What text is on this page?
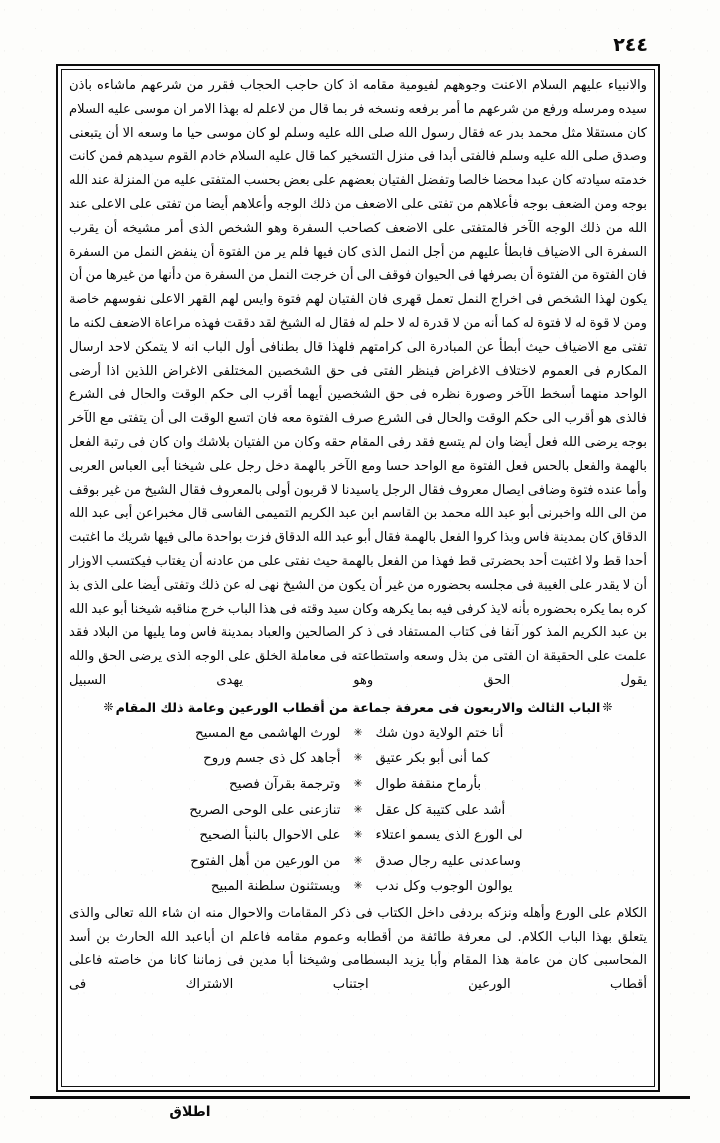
٢٤٤

والانبياء عليهم السلام الاعنت وجوههم لفيومية مقامه اذ كان حاجب الحجاب فقرر من شرعهم ماشاءه باذن سيده ومرسله ورفع من شرعهم ما أمر برفعه ونسخه فر بما قال من لاعلم له بهذا الامر ان موسى عليه السلام كان مستقلا مثل محمد بدر عه فقال رسول الله صلى الله عليه وسلم لو كان موسى حيا ما وسعه الا أن يتبعنى وصدق صلى الله عليه وسلم فالفتى أبدا فى منزل التسخير كما قال عليه السلام خادم القوم سيدهم فمن كانت خدمته سيادته كان عبدا محضا خالصا وتفضل الفتيان بعضهم على بعض بحسب المتفتى عليه من المنزلة عند الله بوجه ومن الضعف بوجه فأعلاهم من تفتى على الاضعف من ذلك الوجه وأعلاهم أيضا من تفتى على الاعلى عند الله من ذلك الوجه الآخر فالمتفتى على الاضعف كصاحب السفرة وهو الشخص الذى أمر مشيخه أن يقرب السفرة الى الاضياف فابطأ عليهم من أجل النمل الذى كان فيها فلم ير من الفتوة أن ينفض النمل من السفرة فان الفتوة من الفتوة أن بصرفها فى الحيوان فوقف الى أن خرجت النمل من السفرة من دأنها من غيرها من أن يكون لهذا الشخص فى اخراج النمل تعمل قهرى فان الفتيان لهم فتوة وايس لهم القهر الاعلى نفوسهم خاصة ومن لا قوة له لا فتوة له كما أنه من لا قدرة له لا حلم له فقال له الشيخ لقد دققت فهذه مراعاة الاضعف لكنه ما تفتى مع الاضياف حيث أبطأ عن المبادرة الى كرامتهم فلهذا قال بطنافى أول الباب انه لا يتمكن لاحد ارسال المكارم فى العموم لاختلاف الاغراض فينظر الفتى فى حق الشخصين المختلفى الاغراض اللذين اذا أرضى الواحد منهما أسخط الآخر وصورة نظره فى حق الشخصين أيهما أقرب الى حكم الوقت والحال فى الشرع فالذى هو أقرب الى حكم الوقت والحال فى الشرع صرف الفتوة معه فان اتسع الوقت الى أن يتفتى مع الآخر بوجه يرضى الله فعل أيضا وان لم يتسع فقد رفى المقام حقه وكان من الفتيان بلاشك وان كان فى رتبة الفعل بالهمة والفعل بالحس فعل الفتوة مع الواحد حسا ومع الآخر بالهمة دخل رجل على شيخنا أبى العباس العربى وأما عنده فتوة وضافى ايصال معروف فقال الرجل ياسيدنا لا قربون أولى بالمعروف فقال الشيخ من غير بوقف من الى الله واخبرنى أبو عبد الله محمد بن القاسم ابن عبد الكريم التميمى الفاسى قال مخبراعن أبى عبد الله الدقاق كان بمدينة فاس وبذا كروا الفعل بالهمة فقال أبو عبد الله الدقاق فزت بواحدة مالى فيها شريك ما اغتبت أحدا قط ولا اغتبت أحد بحضرتى قط فهذا من الفعل بالهمة حيث نفتى على من عادنه أن يغتاب فيكتسب الاوزار أن لا يقدر على الغيبة فى مجلسه بحضوره من غير أن يكون من الشيخ نهى له عن ذلك وتفتى أيضا على الذى بذ كره بما يكره بحضوره بأنه لايذ كرفى فيه بما يكرهه وكان سيد وقته فى هذا الباب خرج مناقبه شيخنا أبو عبد الله بن عبد الكريم المذ كور آنفا فى كتاب المستفاد فى ذ كر الصالحين والعباد بمدينة فاس وما يليها من البلاد فقد علمت على الحقيقة ان الفتى من بذل وسعه واستطاعته فى معاملة الخلق على الوجه الذى يرضى الحق والله يقول الحق وهو يهدى السبيل

❊الباب الثالث والاربعون فى معرفة جماعة من أقطاب الورعين وعامة ذلك المقام❊
أنا ختم الولاية دون شك
✳
لورث الهاشمى مع المسيح
كما أنى أبو بكر عتيق
✳
أجاهد كل ذى جسم وروح
بأرماح منقفة طوال
✳
وترجمة بقرآن فصيح
أشد على كتيبة كل عقل
✳
تنازعنى على الوحى الصريح
لى الورع الذى يسمو اعتلاء
✳
على الاحوال بالنبأ الصحيح
وساعدنى عليه رجال صدق
✳
من الورعين من أهل الفتوح
يوالون الوجوب وكل ندب
✳
ويستثنون سلطنة المبيح

الكلام على الورع وأهله ونزكه بردفى داخل الكتاب فى ذكر المقامات والاحوال منه ان شاء الله تعالى والذى يتعلق بهذا الباب الكلام. لى معرفة طائفة من أقطابه وعموم مقامه فاعلم ان أباعبد الله الحارث بن أسد المحاسبى كان من عامة هذا المقام وأبا يزيد البسطامى وشيخنا أبا مدين فى زماننا كانا من خاصته فاعلى أقطاب الورعين اجتناب الاشتراك فى

اطلاق
